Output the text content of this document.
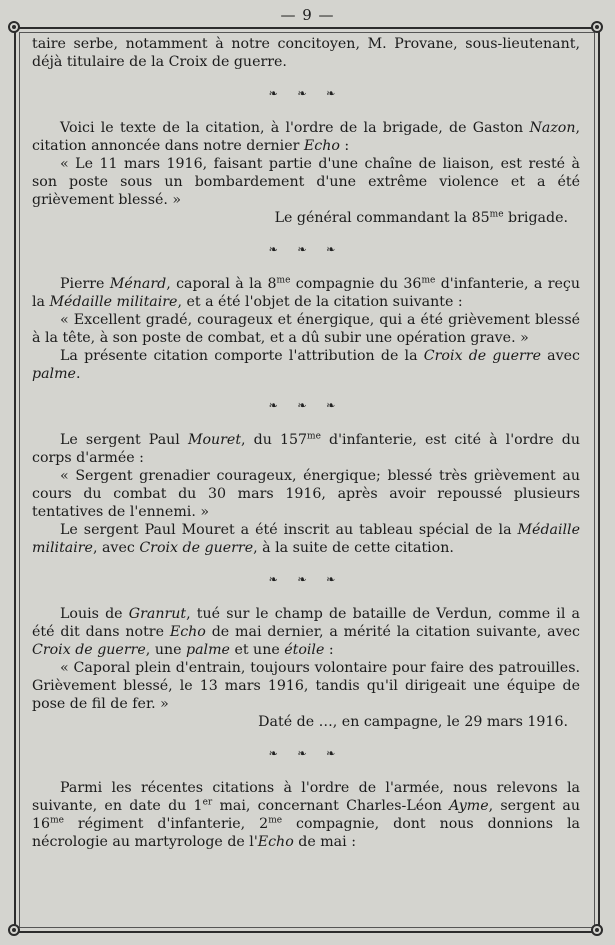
— 9 —

taire serbe, notamment à notre concitoyen, M. Provane, sous-lieutenant, déjà titulaire de la Croix de guerre.

❧ ❧ ❧

Voici le texte de la citation, à l'ordre de la brigade, de Gaston Nazon, citation annoncée dans notre dernier Echo :

« Le 11 mars 1916, faisant partie d'une chaîne de liaison, est resté à son poste sous un bombardement d'une extrême violence et a été grièvement blessé. »

Le général commandant la $85^{me}$ brigade.

❧ ❧ ❧

Pierre Ménard, caporal à la $8^{me}$ compagnie du $36^{me}$ d'infanterie, a reçu la Médaille militaire, et a été l'objet de la citation suivante :

« Excellent gradé, courageux et énergique, qui a été grièvement blessé à la tête, à son poste de combat, et a dû subir une opération grave. »

La présente citation comporte l'attribution de la Croix de guerre avec palme.

❧ ❧ ❧

Le sergent Paul Mouret, du $157^{me}$ d'infanterie, est cité à l'ordre du corps d'armée :

« Sergent grenadier courageux, énergique; blessé très grièvement au cours du combat du 30 mars 1916, après avoir repoussé plusieurs tentatives de l'ennemi. »

Le sergent Paul Mouret a été inscrit au tableau spécial de la Médaille militaire, avec Croix de guerre, à la suite de cette citation.

❧ ❧ ❧

Louis de Granrut, tué sur le champ de bataille de Verdun, comme il a été dit dans notre Echo de mai dernier, a mérité la citation suivante, avec Croix de guerre, une palme et une étoile :

« Caporal plein d'entrain, toujours volontaire pour faire des patrouilles. Grièvement blessé, le 13 mars 1916, tandis qu'il dirigeait une équipe de pose de fil de fer. »

Daté de …, en campagne, le 29 mars 1916.

❧ ❧ ❧

Parmi les récentes citations à l'ordre de l'armée, nous relevons la suivante, en date du 1er mai, concernant Charles-Léon Ayme, sergent au $16^{me}$ régiment d'infanterie, $2^{me}$ compagnie, dont nous donnions la nécrologie au martyrologe de l'Echo de mai :
